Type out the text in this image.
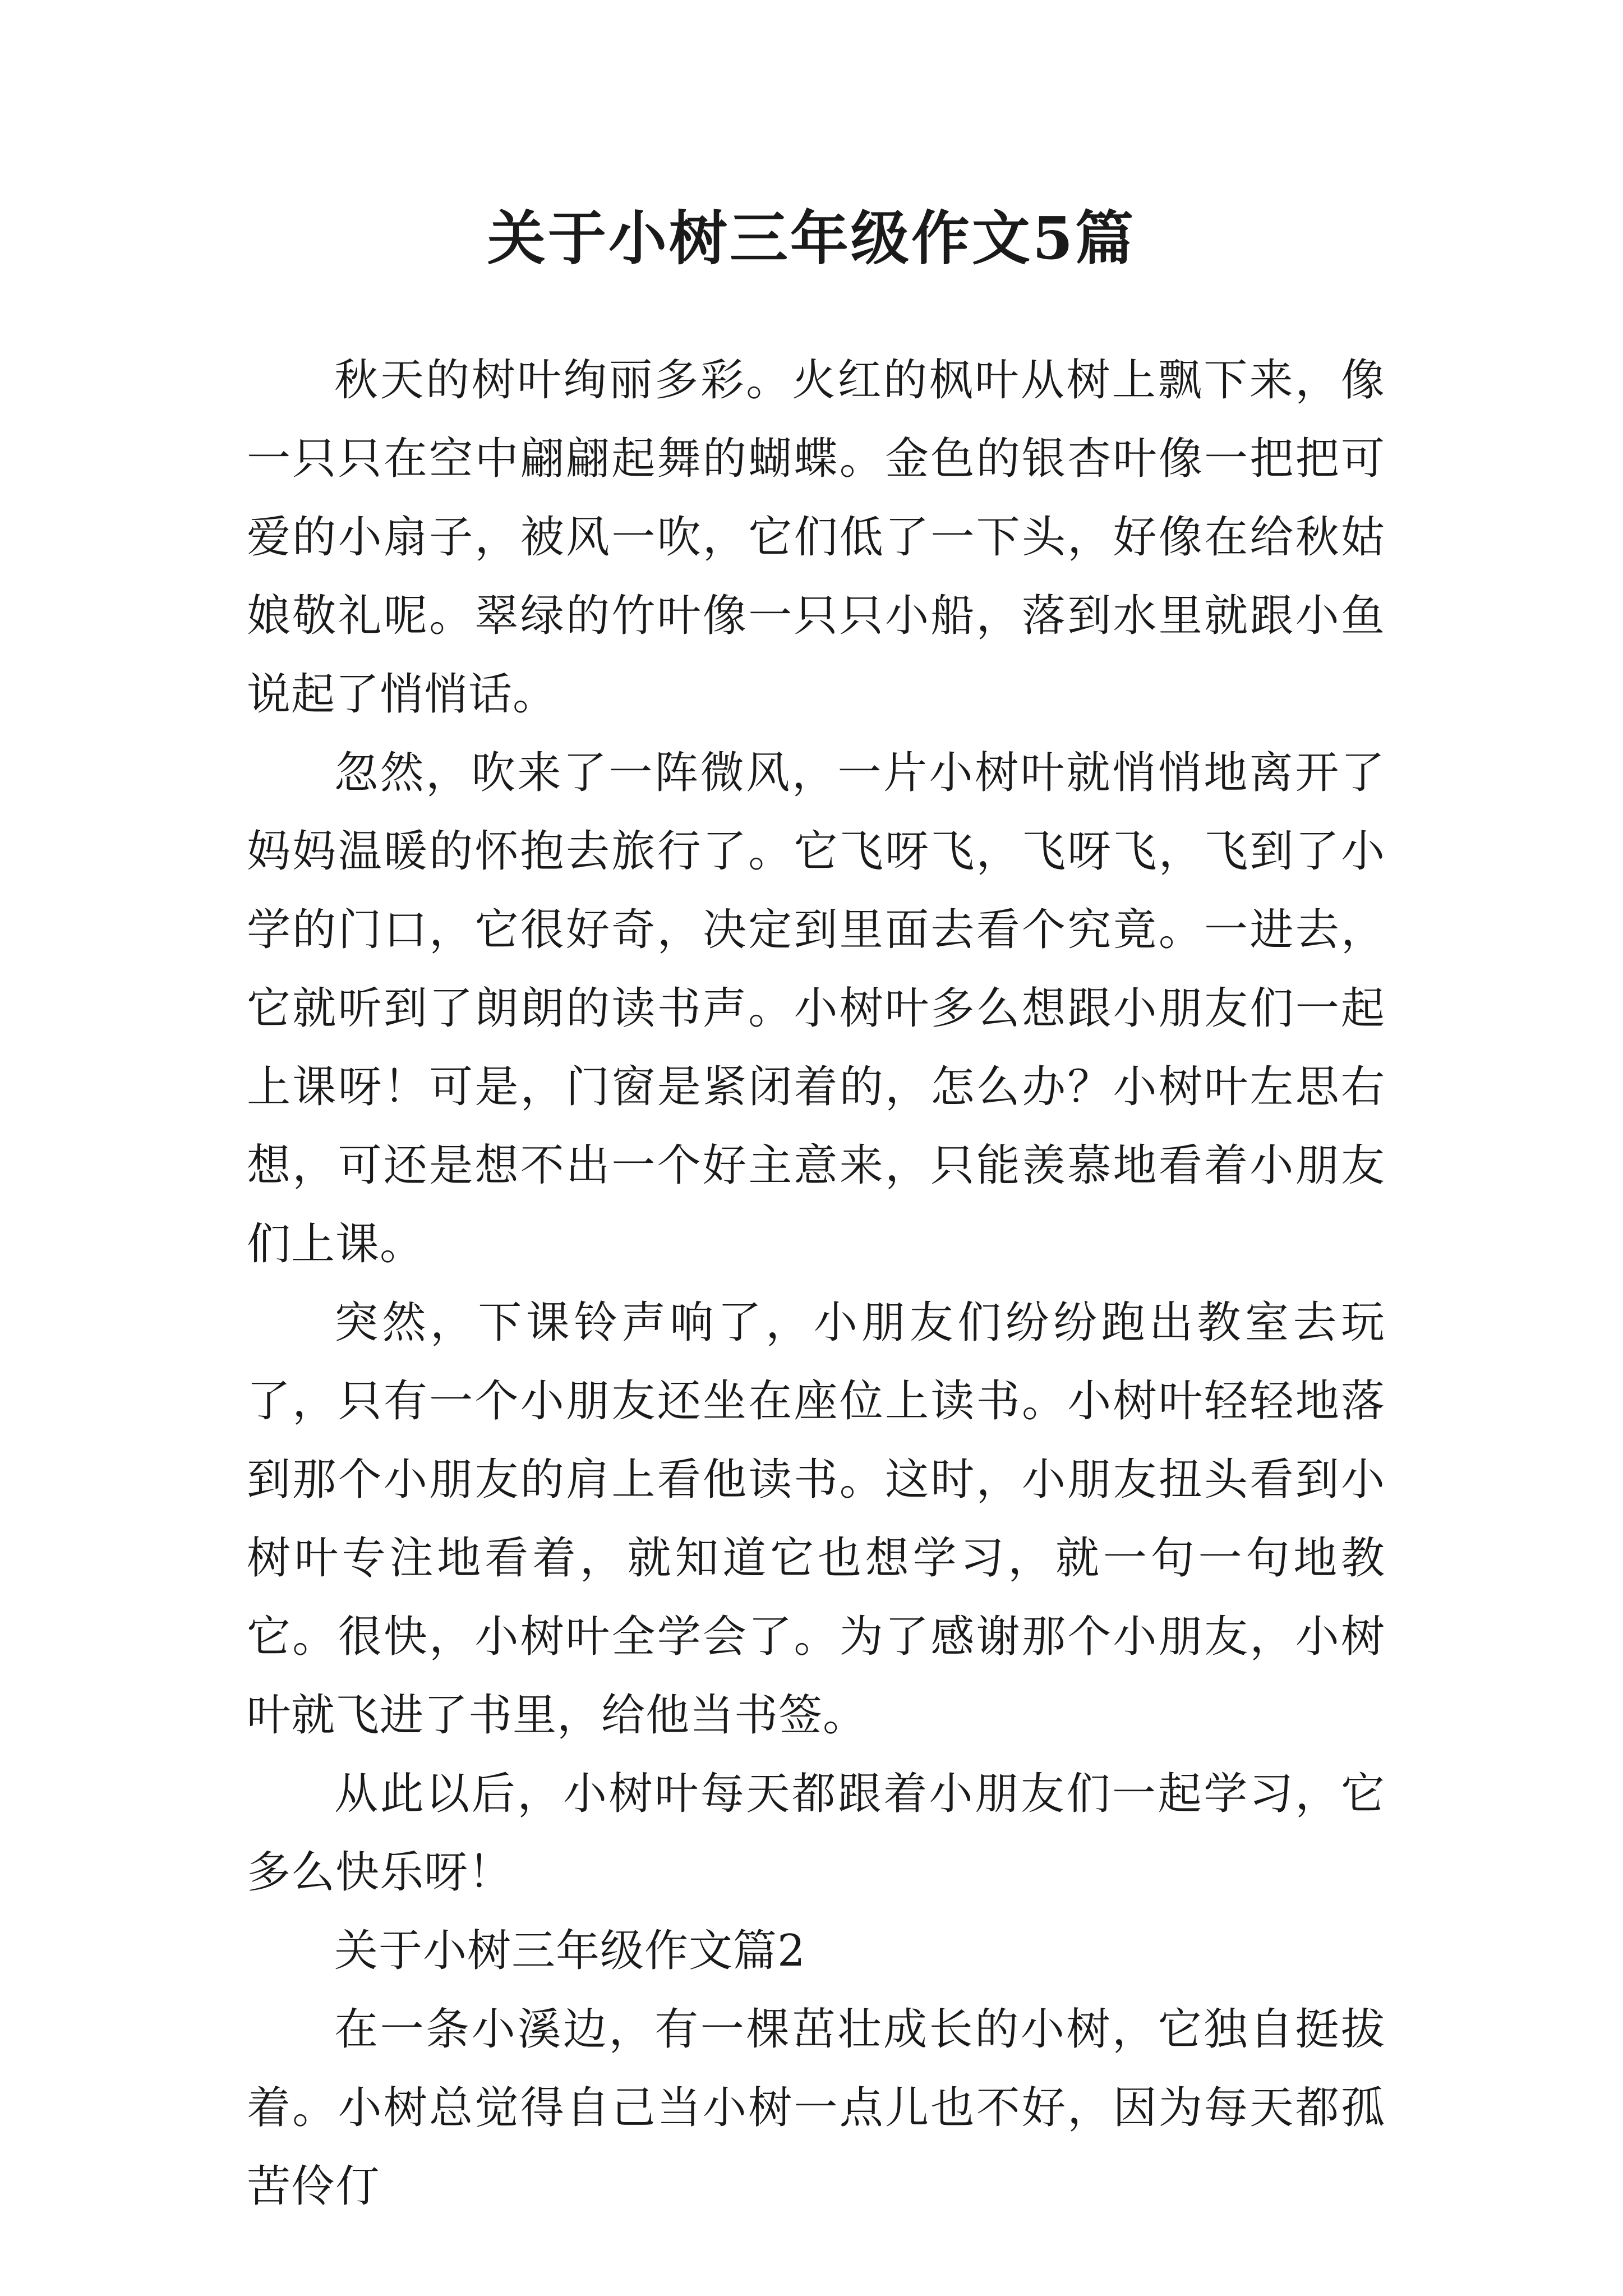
关于小树三年级作文5篇

秋天的树叶绚丽多彩。火红的枫叶从树上飘下来，像一只只在空中翩翩起舞的蝴蝶。金色的银杏叶像一把把可爱的小扇子，被风一吹，它们低了一下头，好像在给秋姑娘敬礼呢。翠绿的竹叶像一只只小船，落到水里就跟小鱼说起了悄悄话。

忽然，吹来了一阵微风，一片小树叶就悄悄地离开了妈妈温暖的怀抱去旅行了。它飞呀飞，飞呀飞，飞到了小学的门口，它很好奇，决定到里面去看个究竟。一进去，它就听到了朗朗的读书声。小树叶多么想跟小朋友们一起上课呀！可是，门窗是紧闭着的，怎么办？小树叶左思右想，可还是想不出一个好主意来，只能羡慕地看着小朋友们上课。

突然，下课铃声响了，小朋友们纷纷跑出教室去玩了，只有一个小朋友还坐在座位上读书。小树叶轻轻地落到那个小朋友的肩上看他读书。这时，小朋友扭头看到小树叶专注地看着，就知道它也想学习，就一句一句地教它。很快，小树叶全学会了。为了感谢那个小朋友，小树叶就飞进了书里，给他当书签。

从此以后，小树叶每天都跟着小朋友们一起学习，它多么快乐呀！

关于小树三年级作文篇2

在一条小溪边，有一棵茁壮成长的小树，它独自挺拔着。小树总觉得自己当小树一点儿也不好，因为每天都孤苦伶仃
